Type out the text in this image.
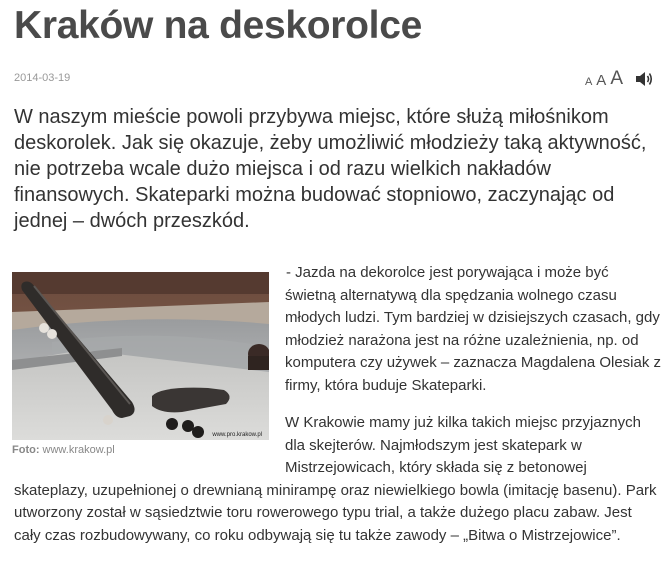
Kraków na deskorolce
2014-03-19	A A A

W naszym mieście powoli przybywa miejsc, które służą miłośnikom deskorolek. Jak się okazuje, żeby umożliwić młodzieży taką aktywność, nie potrzeba wcale dużo miejsca i od razu wielkich nakładów finansowych. Skateparki można budować stopniowo, zaczynając od jednej – dwóch przeszkód.

www.pro.krakow.pl
Foto: www.krakow.pl

- Jazda na dekorolce jest porywająca i może być świetną alternatywą dla spędzania wolnego czasu młodych ludzi. Tym bardziej w dzisiejszych czasach, gdy młodzież narażona jest na różne uzależnienia, np. od komputera czy używek – zaznacza Magdalena Olesiak z firmy, która buduje Skateparki.

W Krakowie mamy już kilka takich miejsc przyjaznych dla skejterów. Najmłodszym jest skatepark w Mistrzejowicach, który składa się z betonowej skateplazy, uzupełnionej o drewnianą minirampę oraz niewielkiego bowla (imitację basenu). Park utworzony został w sąsiedztwie toru rowerowego typu trial, a także dużego placu zabaw. Jest cały czas rozbudowywany, co roku odbywają się tu także zawody – „Bitwa o Mistrzejowice”.
